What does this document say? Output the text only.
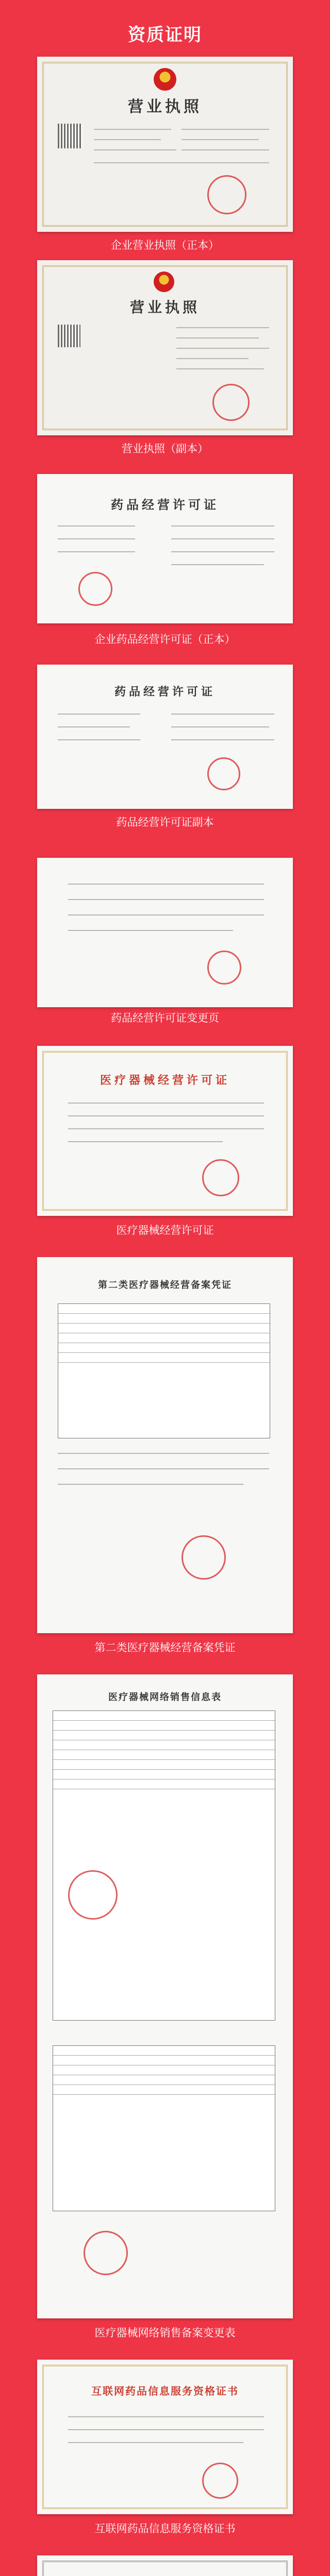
资质证明
营业执照
企业营业执照（正本）
营业执照
营业执照（副本）
药品经营许可证
企业药品经营许可证（正本）
药品经营许可证
药品经营许可证副本
药品经营许可证变更页
医疗器械经营许可证
医疗器械经营许可证
第二类医疗器械经营备案凭证
第二类医疗器械经营备案凭证
医疗器械网络销售信息表
医疗器械网络销售备案变更表
互联网药品信息服务资格证书
互联网药品信息服务资格证书
